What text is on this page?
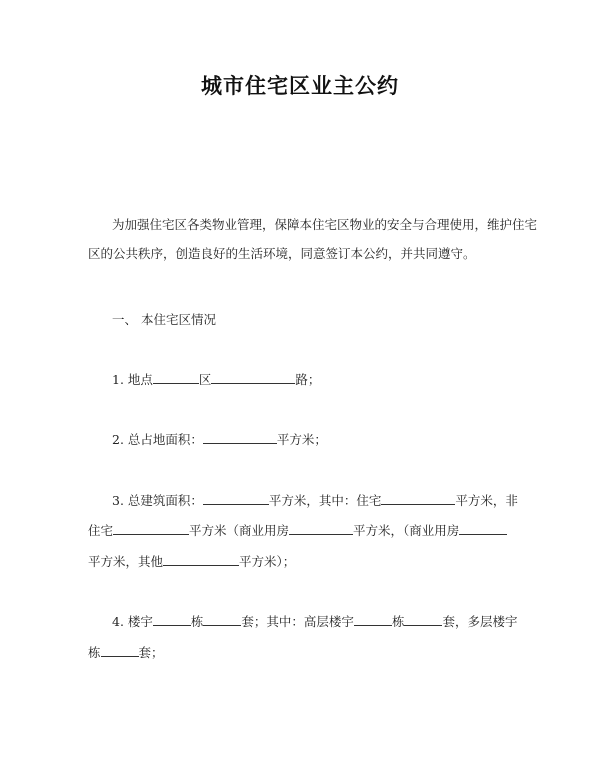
城市住宅区业主公约
为加强住宅区各类物业管理，保障本住宅区物业的安全与合理使用，维护住宅
区的公共秩序，创造良好的生活环境，同意签订本公约，并共同遵守。
一、 本住宅区情况
1. 地点	区	路；
2. 总占地面积：	平方米；
3. 总建筑面积：	平方米，其中：住宅	平方米，非
住宅	平方米（商业用房	平方米，（商业用房
平方米，其他	平方米）；
4. 楼宇	栋	套；其中：高层楼宇	栋	套，多层楼宇
栋	套；
